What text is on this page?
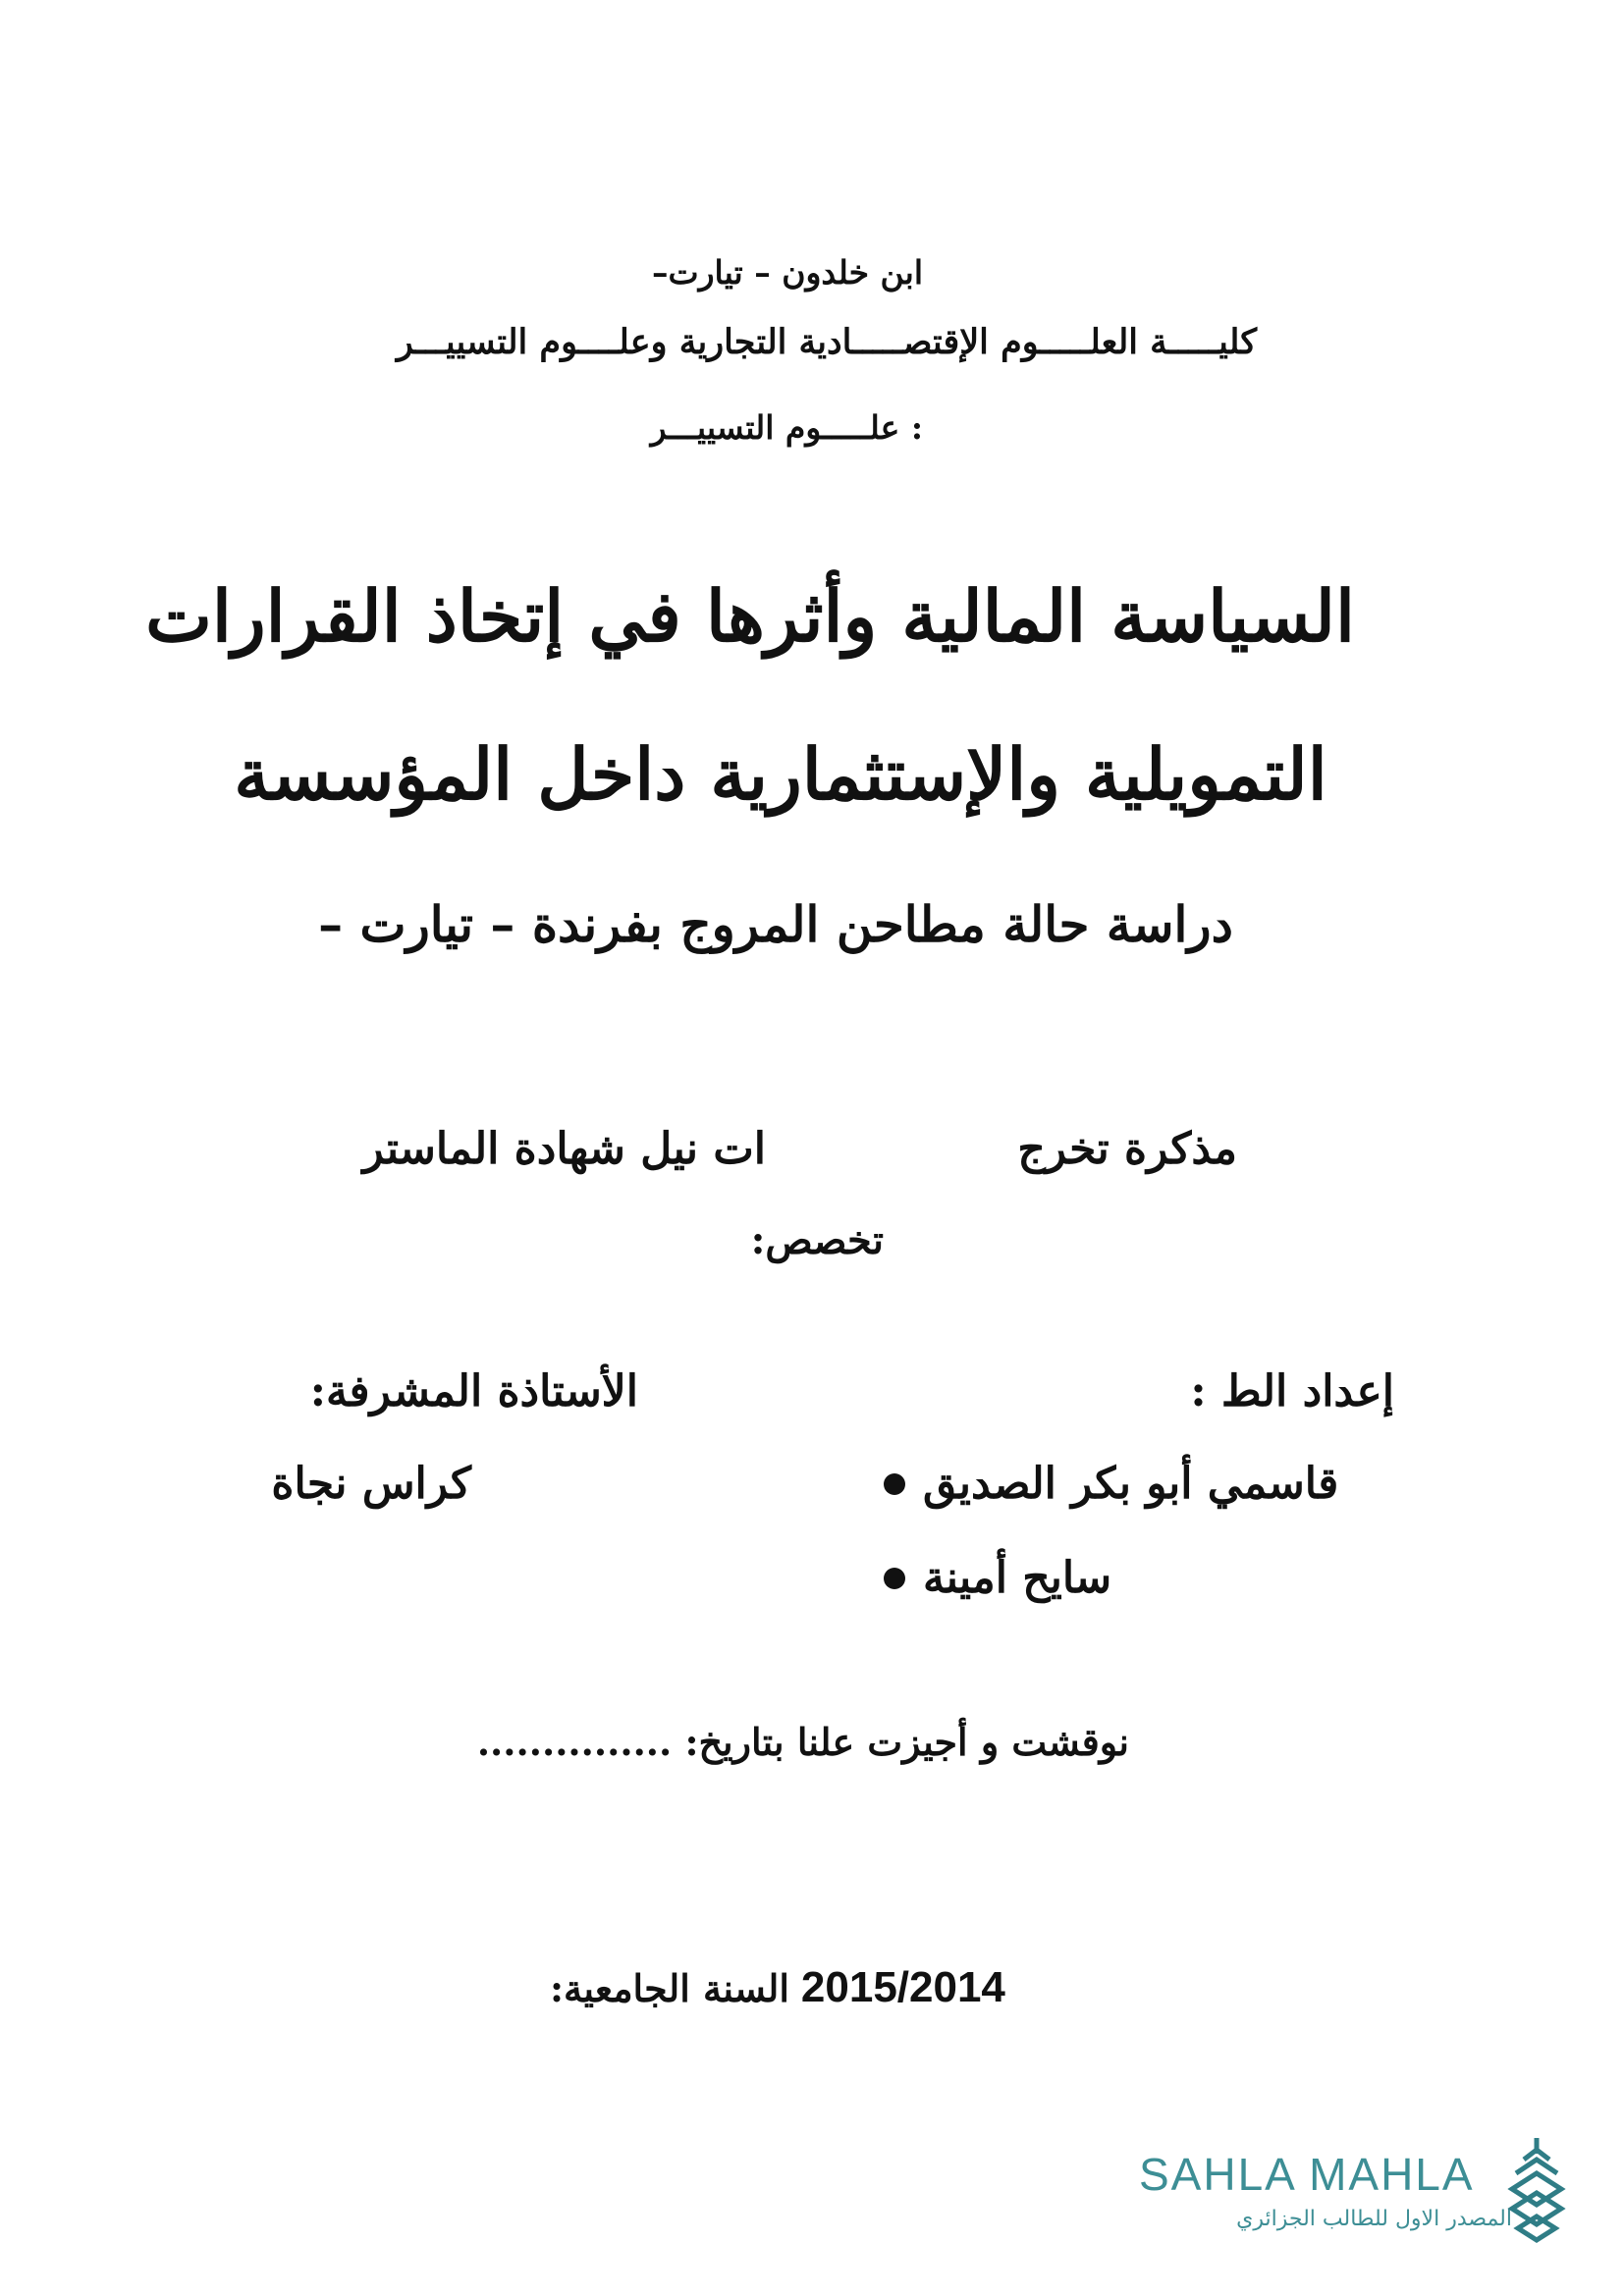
ابن خلدون – تيارت–
كليـــــة العلـــــوم الإقتصـــــادية التجارية وعلــــوم التسييـــر
: علـــــوم التسييـــر
السياسة المالية وأثرها في إتخاذ القرارات
التمويلية والإستثمارية داخل المؤسسة
دراسة حالة مطاحن المروج بفرندة – تيارت –
مذكرة تخرج
ات نيل شهادة الماستر
تخصص:
إعداد الط :
الأستاذة المشرفة:
قاسمي أبو بكر الصديق
سايح أمينة
كراس نجاة
نوقشت و أجيزت علنا بتاريخ: ...............
السنة الجامعية: 2015/2014
SAHLA MAHLA
المصدر الاول للطالب الجزائري
